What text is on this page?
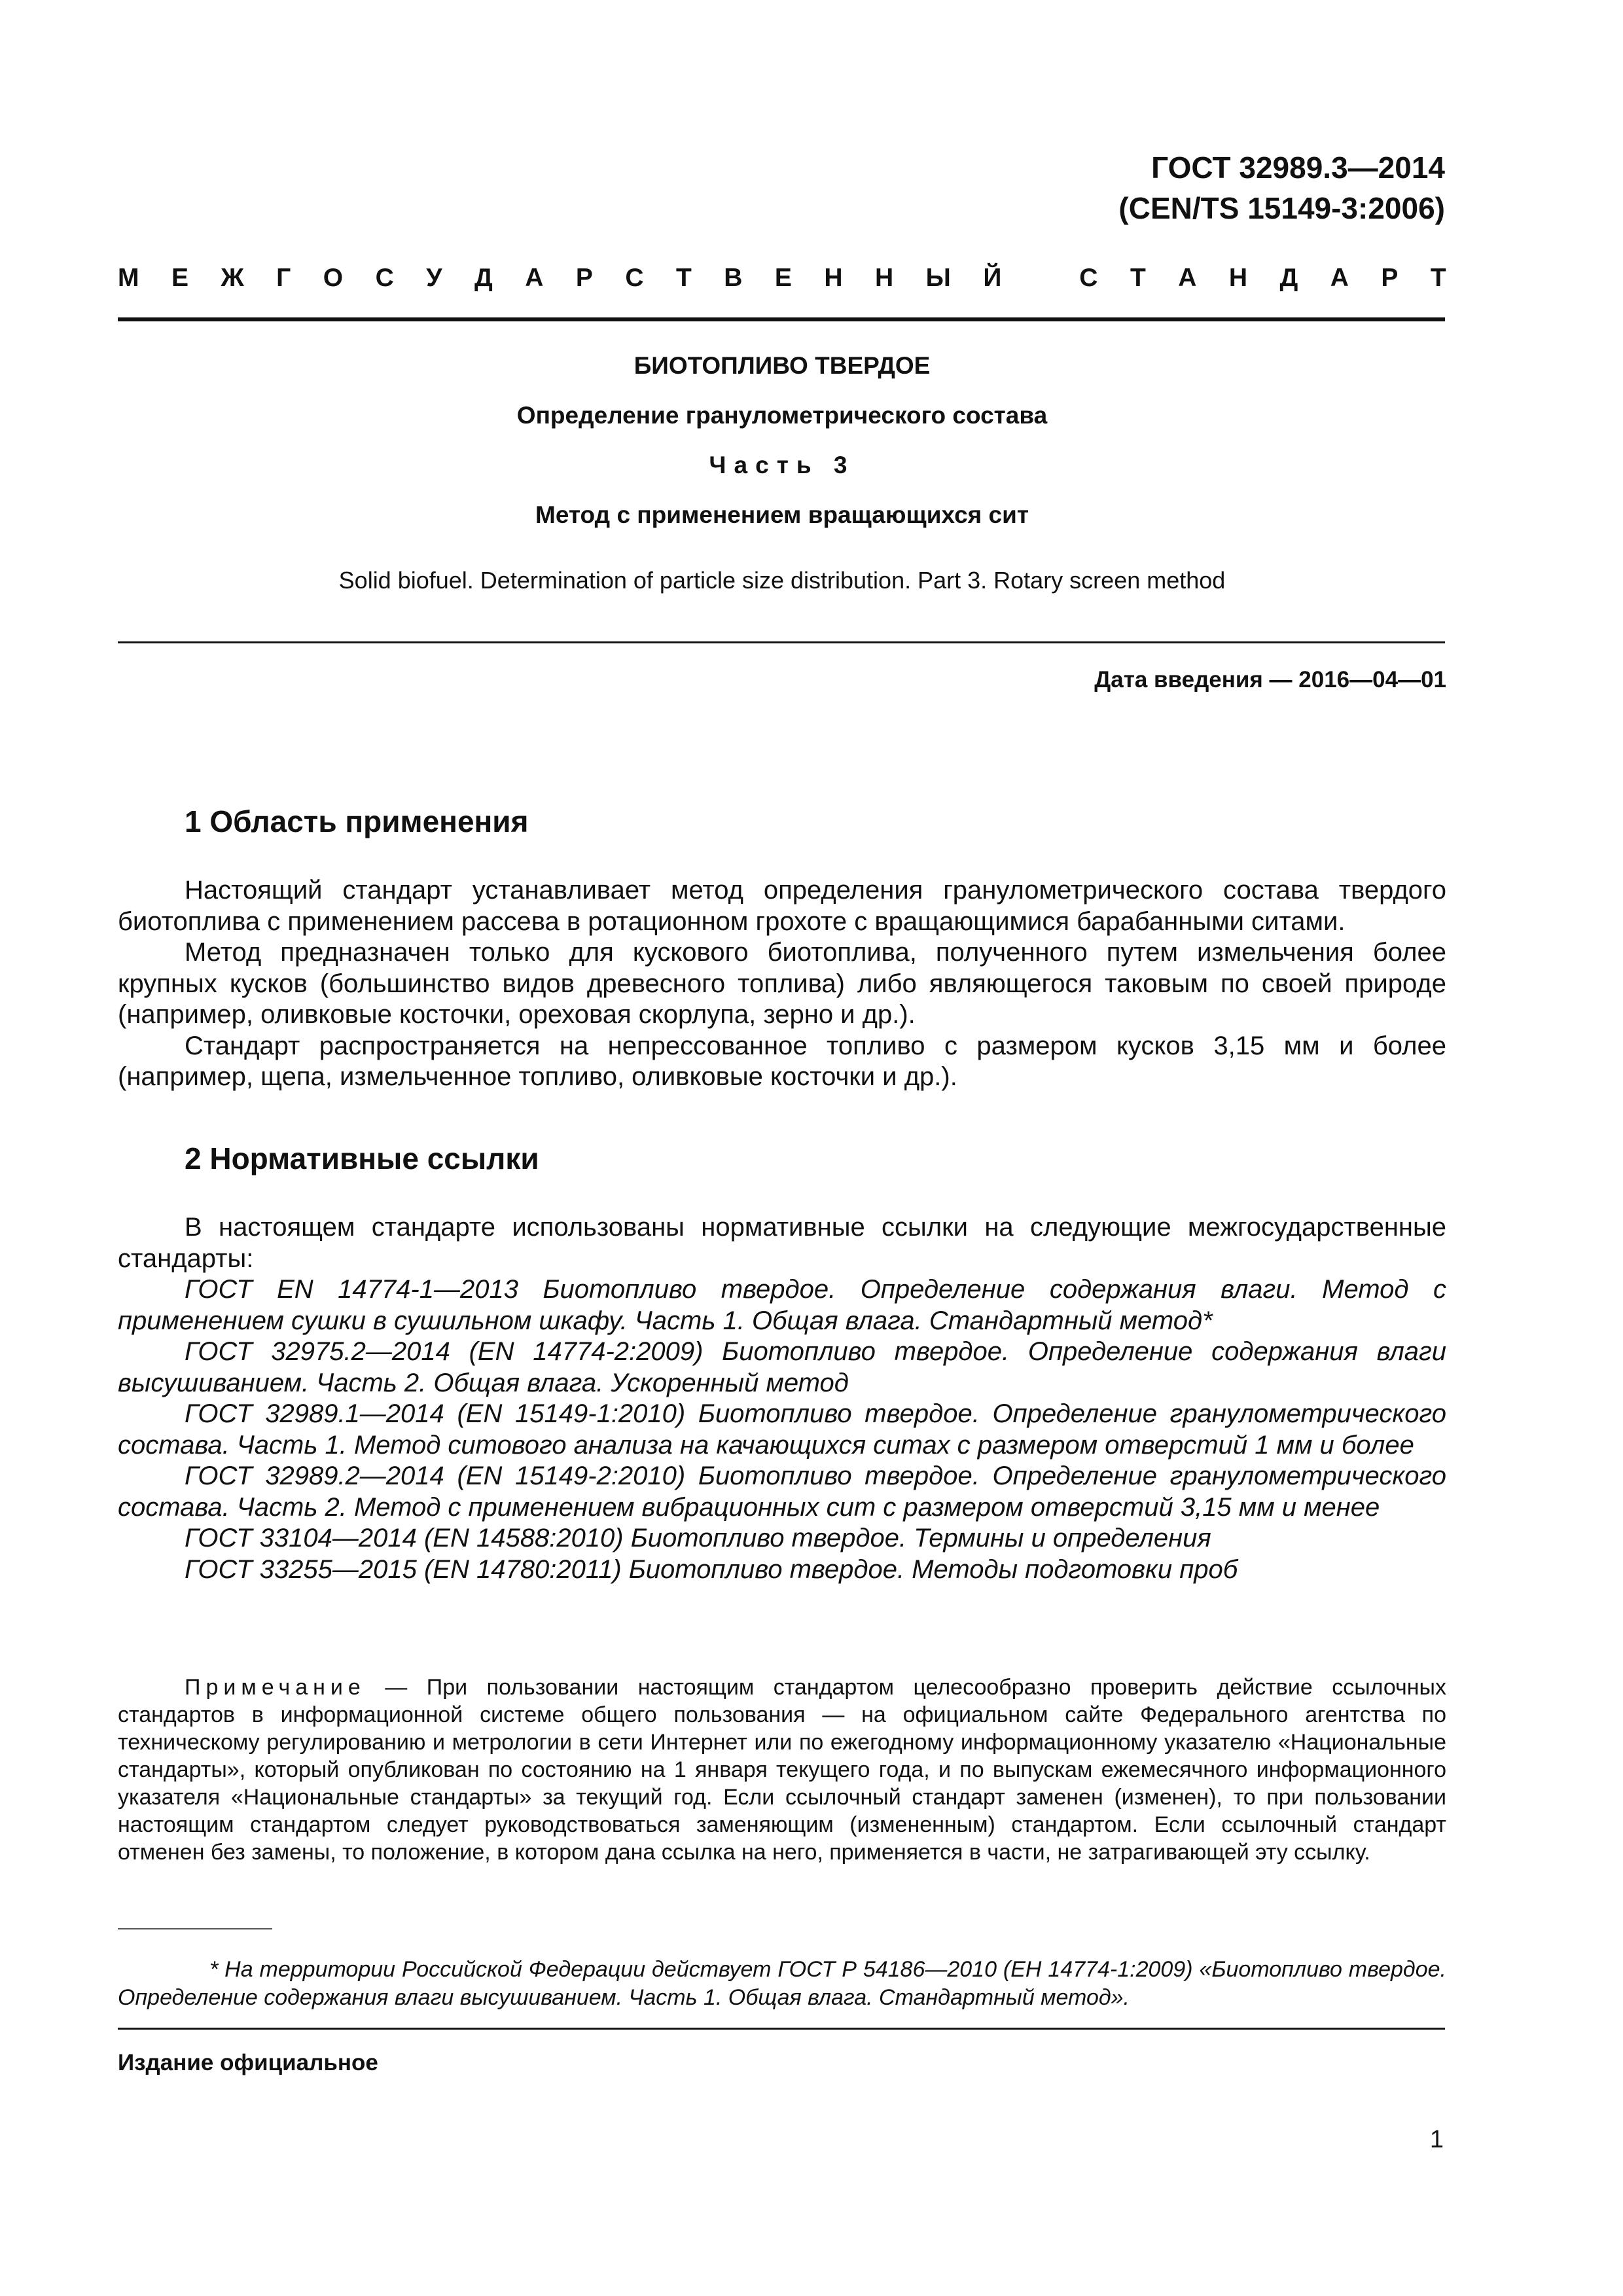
ГОСТ 32989.3—2014
(CEN/TS 15149-3:2006)
М Е Ж Г О С У Д А Р С Т В Е Н Н Ы Й	С Т А Н Д А Р Т
БИОТОПЛИВО ТВЕРДОЕ
Определение гранулометрического состава
Часть 3
Метод с применением вращающихся сит
Solid biofuel. Determination of particle size distribution. Part 3. Rotary screen method
Дата введения — 2016—04—01
1 Область применения

Настоящий стандарт устанавливает метод определения гранулометрического состава твердого биотоплива с применением рассева в ротационном грохоте с вращающимися барабанными ситами.

Метод предназначен только для кускового биотоплива, полученного путем измельчения более крупных кусков (большинство видов древесного топлива) либо являющегося таковым по своей природе (например, оливковые косточки, ореховая скорлупа, зерно и др.).

Стандарт распространяется на непрессованное топливо с размером кусков 3,15 мм и более (например, щепа, измельченное топливо, оливковые косточки и др.).

2 Нормативные ссылки

В настоящем стандарте использованы нормативные ссылки на следующие межгосударственные стандарты:

ГОСТ EN 14774-1—2013 Биотопливо твердое. Определение содержания влаги. Метод с применением сушки в сушильном шкафу. Часть 1. Общая влага. Стандартный метод*

ГОСТ 32975.2—2014 (EN 14774-2:2009) Биотопливо твердое. Определение содержания влаги высушиванием. Часть 2. Общая влага. Ускоренный метод

ГОСТ 32989.1—2014 (EN 15149-1:2010) Биотопливо твердое. Определение гранулометрического состава. Часть 1. Метод ситового анализа на качающихся ситах с размером отверстий 1 мм и более

ГОСТ 32989.2—2014 (EN 15149-2:2010) Биотопливо твердое. Определение гранулометрического состава. Часть 2. Метод с применением вибрационных сит с размером отверстий 3,15 мм и менее

ГОСТ 33104—2014 (EN 14588:2010) Биотопливо твердое. Термины и определения

ГОСТ 33255—2015 (EN 14780:2011) Биотопливо твердое. Методы подготовки проб

Примечание — При пользовании настоящим стандартом целесообразно проверить действие ссылочных стандартов в информационной системе общего пользования — на официальном сайте Федерального агентства по техническому регулированию и метрологии в сети Интернет или по ежегодному информационному указателю «Национальные стандарты», который опубликован по состоянию на 1 января текущего года, и по выпускам ежемесячного информационного указателя «Национальные стандарты» за текущий год. Если ссылочный стандарт заменен (изменен), то при пользовании настоящим стандартом следует руководствоваться заменяющим (измененным) стандартом. Если ссылочный стандарт отменен без замены, то положение, в котором дана ссылка на него, применяется в части, не затрагивающей эту ссылку.

* На территории Российской Федерации действует ГОСТ Р 54186—2010 (ЕН 14774-1:2009) «Биотопливо твердое. Определение содержания влаги высушиванием. Часть 1. Общая влага. Стандартный метод».

Издание официальное
1
